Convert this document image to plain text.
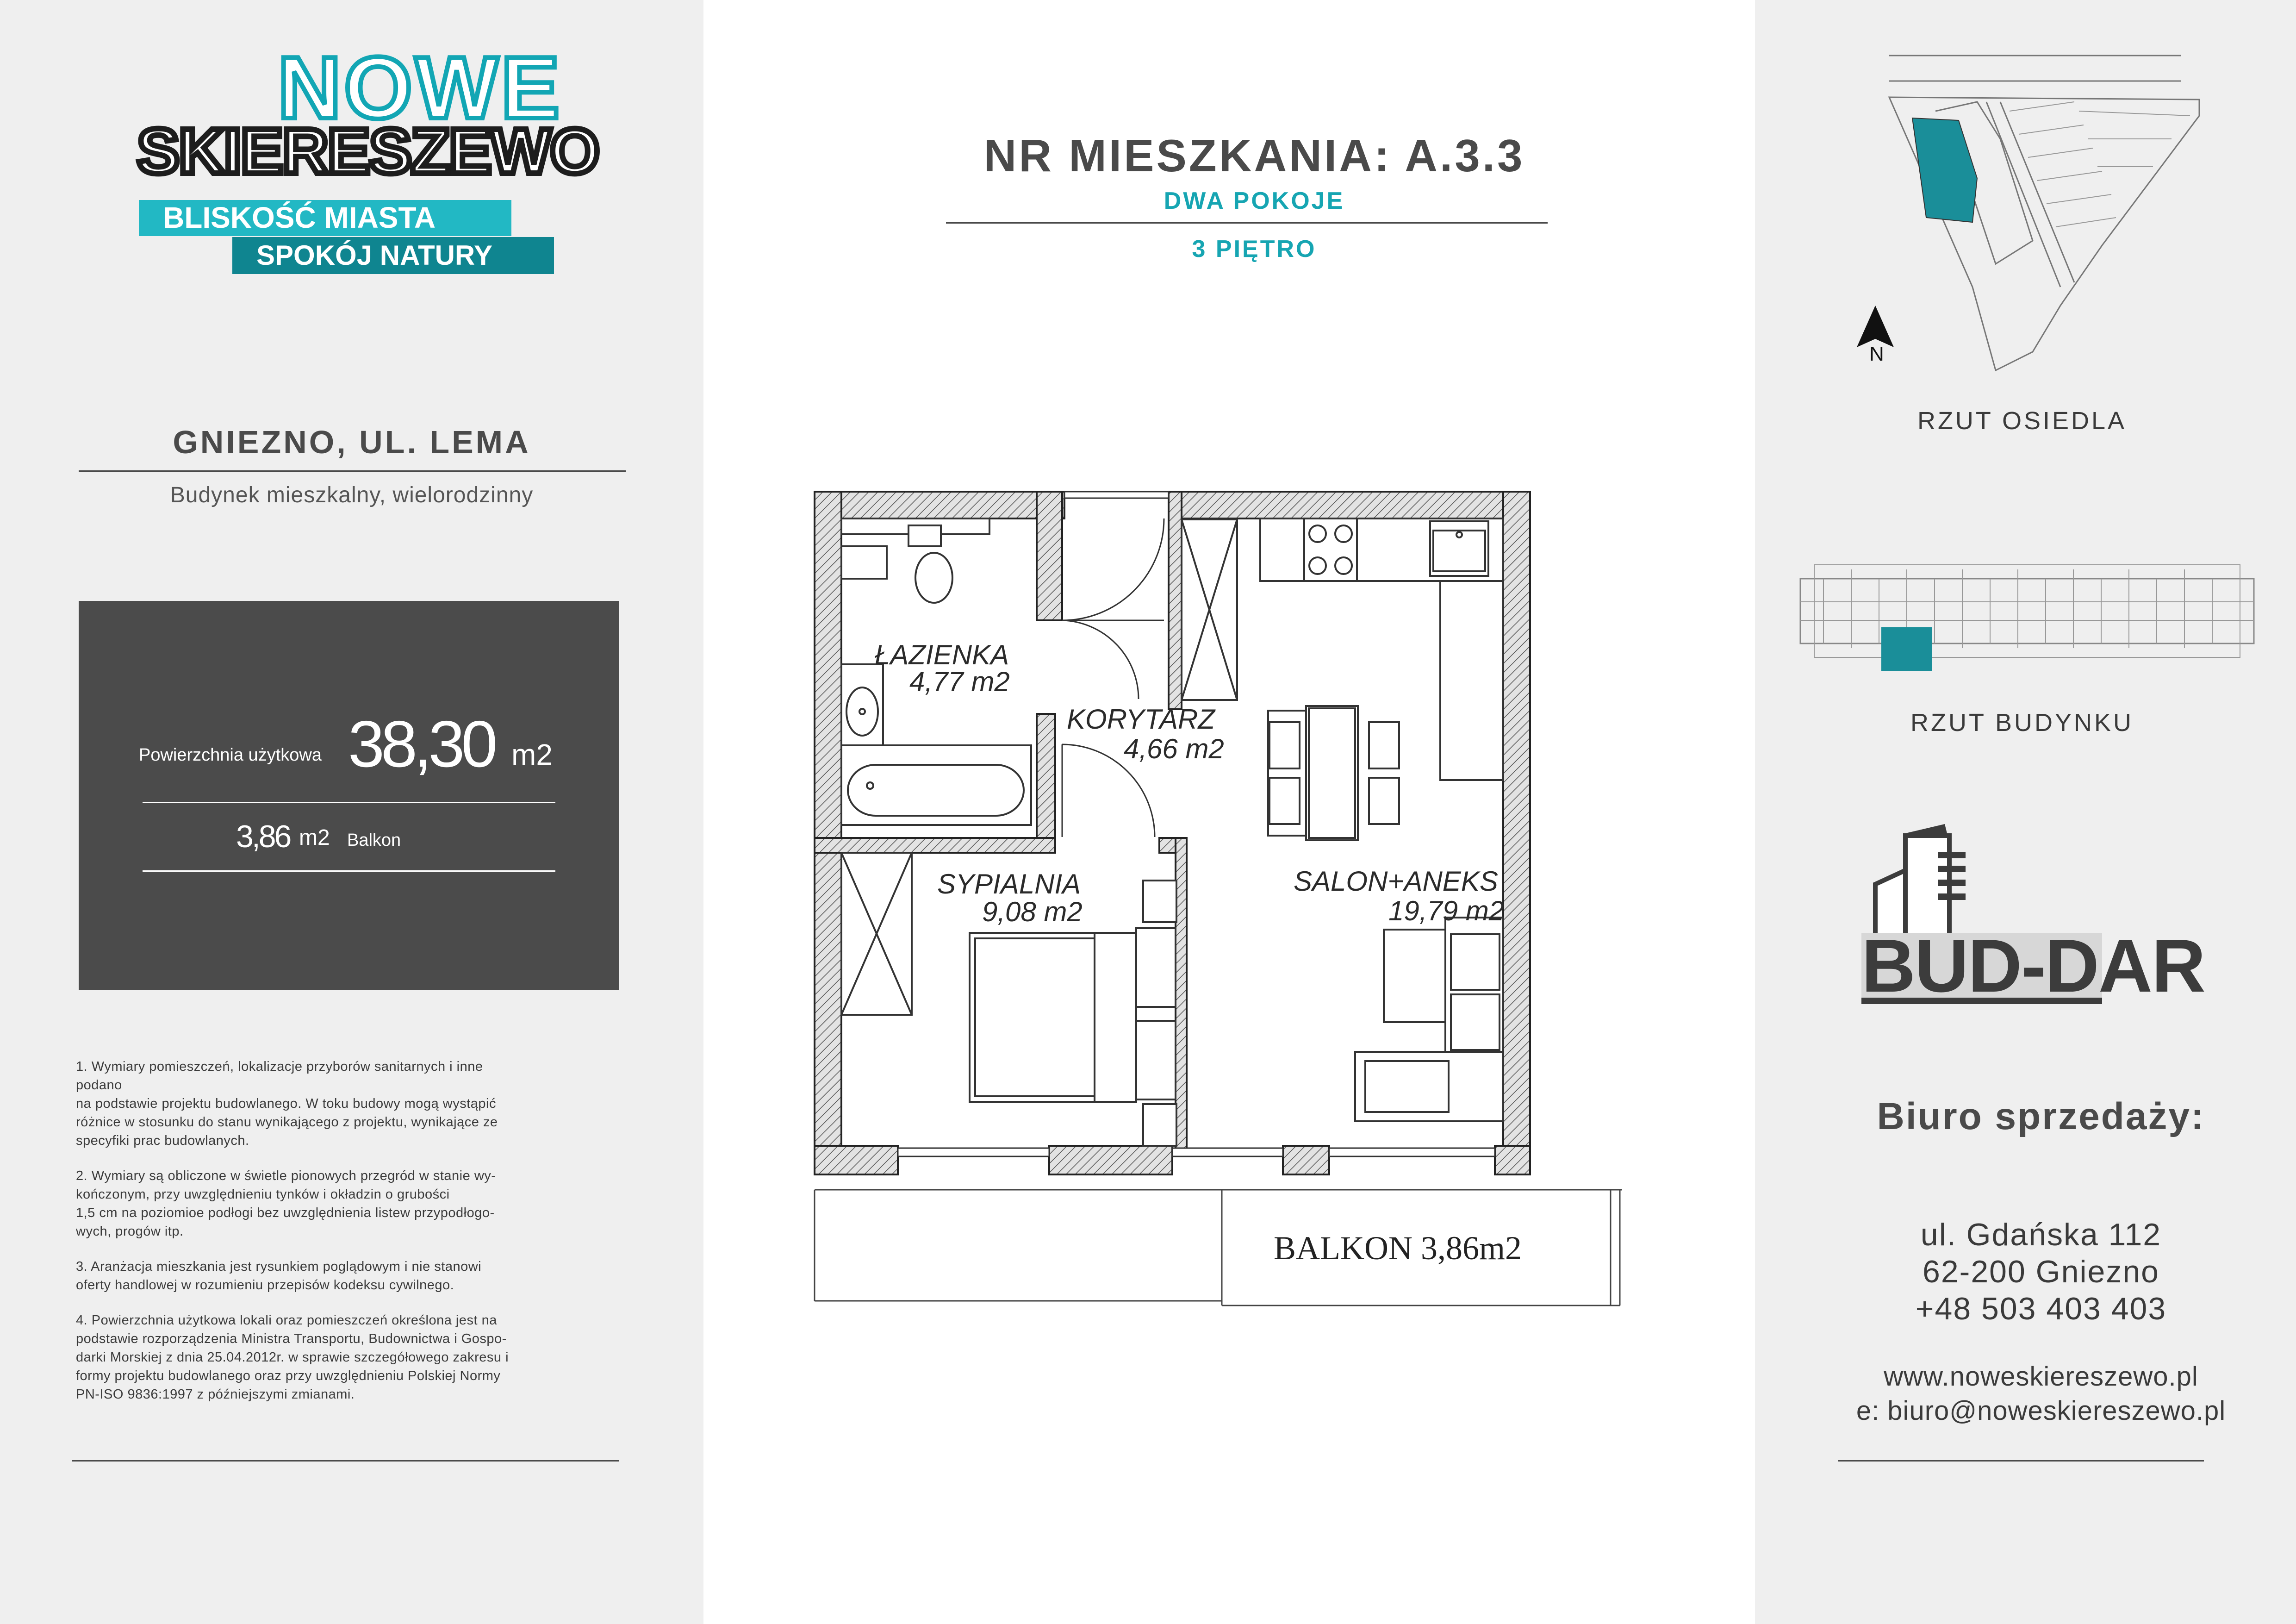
NOWE
SKIERESZEWO
BLISKOŚĆ MIASTA
SPOKÓJ NATURY
GNIEZNO, UL. LEMA
Budynek mieszkalny, wielorodzinny
Powierzchnia użytkowa 38,30 m2
3,86 m2 Balkon

1. Wymiary pomieszczeń, lokalizacje przyborów sanitarnych i inne
podano
na podstawie projektu budowlanego. W toku budowy mogą wystąpić
różnice w stosunku do stanu wynikającego z projektu, wynikające ze
specyfiki prac budowlanych.

2. Wymiary są obliczone w świetle pionowych przegród w stanie wy-
kończonym, przy uwzględnieniu tynków i okładzin o grubości
1,5 cm na poziomioe podłogi bez uwzględnienia listew przypodłogo-
wych, progów itp.

3. Aranżacja mieszkania jest rysunkiem poglądowym i nie stanowi
oferty handlowej w rozumieniu przepisów kodeksu cywilnego.

4. Powierzchnia użytkowa lokali oraz pomieszczeń określona jest na
podstawie rozporządzenia Ministra Transportu, Budownictwa i Gospo-
darki Morskiej z dnia 25.04.2012r. w sprawie szczegółowego zakresu i
formy projektu budowlanego oraz przy uwzględnieniu Polskiej Normy
PN-ISO 9836:1997 z późniejszymi zmianami.

NR MIESZKANIA: A.3.3
DWA POKOJE
3 PIĘTRO
ŁAZIENKA
4,77 m2
KORYTARZ
4,66 m2
SYPIALNIA
9,08 m2
SALON+ANEKS
19,79 m2
BALKON 3,86m2
N
RZUT OSIEDLA
RZUT BUDYNKU
BUD-DAR
Biuro sprzedaży:
ul. Gdańska 112
62-200 Gniezno
+48 503 403 403
www.noweskiereszewo.pl
e: biuro@noweskiereszewo.pl
